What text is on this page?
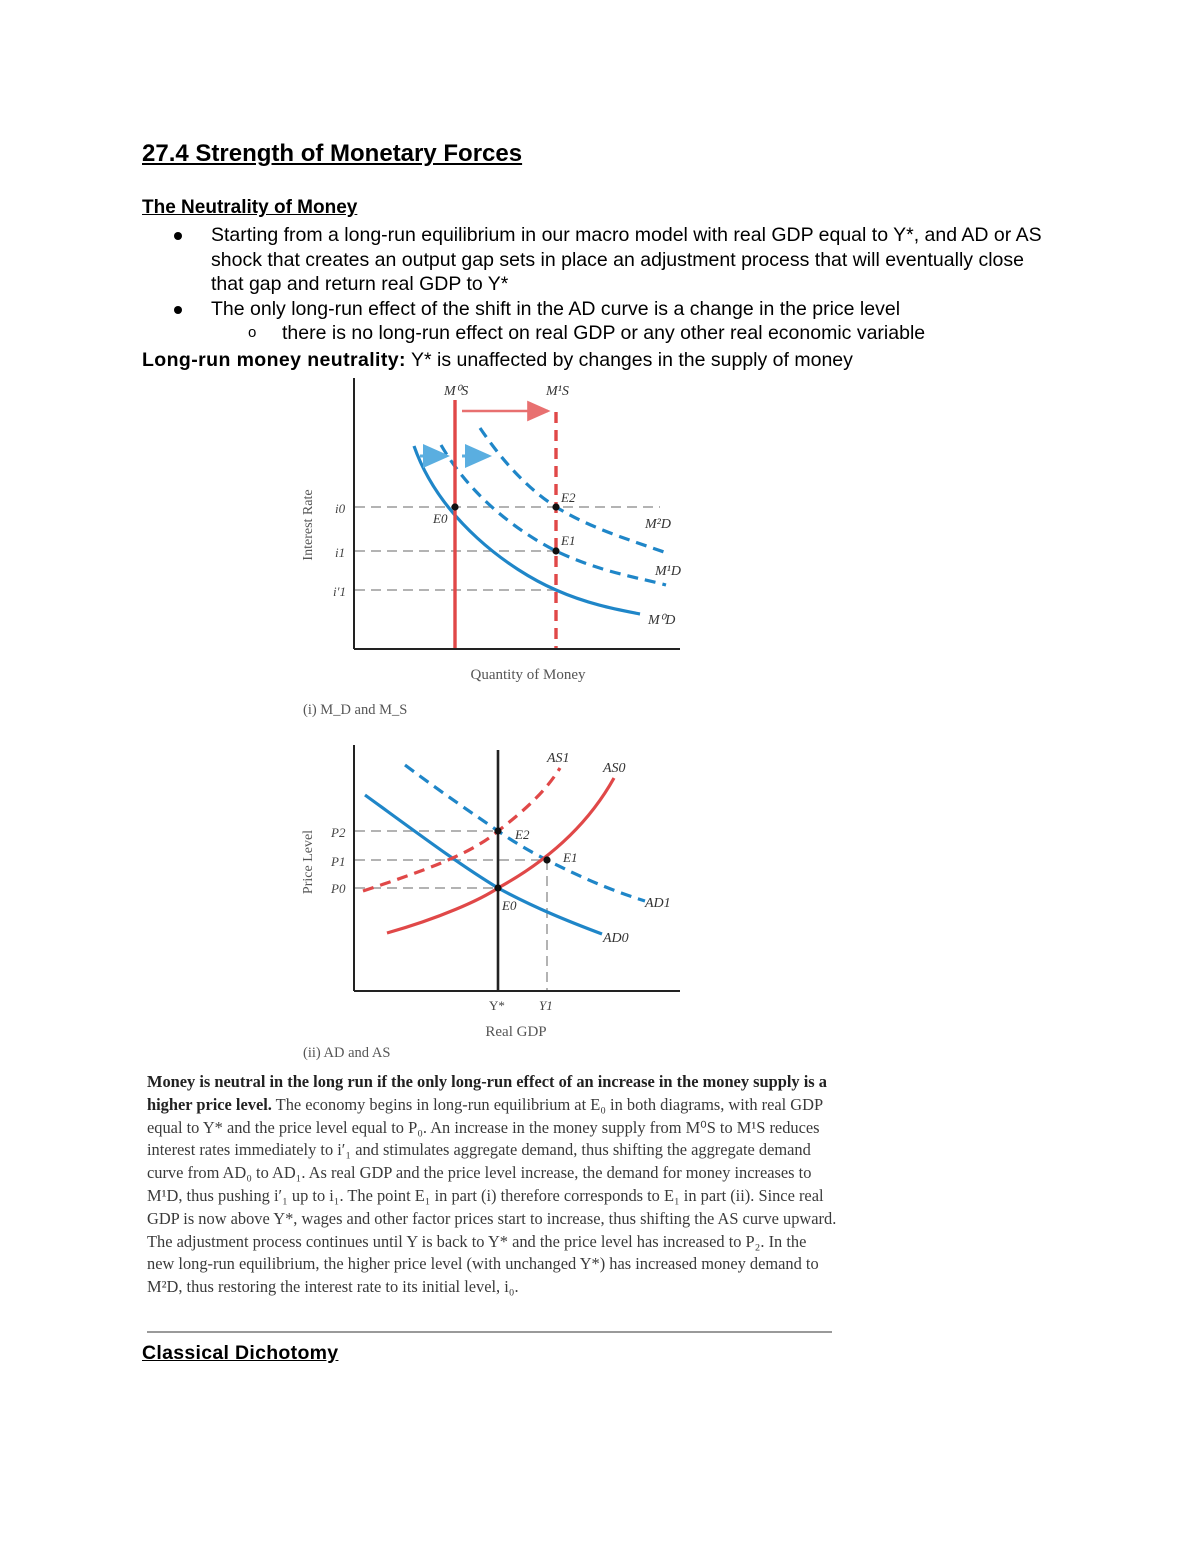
27.4 Strength of Monetary Forces
The Neutrality of Money
Starting from a long-run equilibrium in our macro model with real GDP equal to Y*, and AD or AS shock that creates an output gap sets in place an adjustment process that will eventually close that gap and return real GDP to Y*
The only long-run effect of the shift in the AD curve is a change in the price level
o there is no long-run effect on real GDP or any other real economic variable
Long-run money neutrality: Y* is unaffected by changes in the supply of money
M⁰S	M¹S
M²D
M¹D
M⁰D
E0
E2
E1
i0
i1
i′1
Interest Rate
Quantity of Money
(i) M_D and M_S
AS1
AS0
AD1
AD0
E2
E1
E0
P2
P1
P0
Y*	Y1
Price Level
Real GDP
(ii) AD and AS

Money is neutral in the long run if the only long-run effect of an increase in the money supply is a higher price level. The economy begins in long-run equilibrium at E₀ in both diagrams, with real GDP equal to Y* and the price level equal to P₀. An increase in the money supply from M⁰S to M¹S reduces interest rates immediately to i′₁ and stimulates aggregate demand, thus shifting the aggregate demand curve from AD₀ to AD₁. As real GDP and the price level increase, the demand for money increases to M¹D, thus pushing i′₁ up to i₁. The point E₁ in part (i) therefore corresponds to E₁ in part (ii). Since real GDP is now above Y*, wages and other factor prices start to increase, thus shifting the AS curve upward. The adjustment process continues until Y is back to Y* and the price level has increased to P₂. In the new long-run equilibrium, the higher price level (with unchanged Y*) has increased money demand to M²D, thus restoring the interest rate to its initial level, i₀.

Classical Dichotomy
